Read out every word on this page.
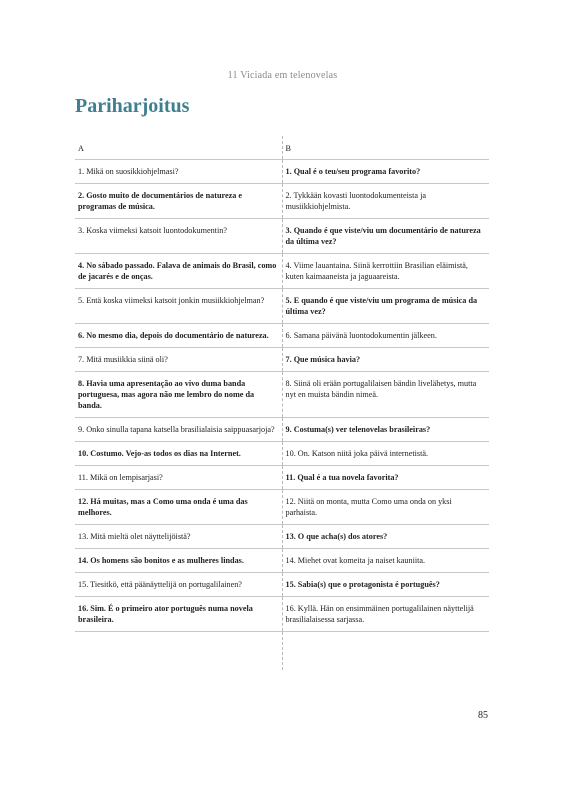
11 Viciada em telenovelas
Pariharjoitus
A	B
1. Mikä on suosikkiohjelmasi?	1. Qual é o teu/seu programa favorito?
2. Gosto muito de documentários de natureza e programas de música.	2. Tykkään kovasti luontodokumenteista ja musiikkiohjelmista.
3. Koska viimeksi katsoit luontodokumentin?	3. Quando é que viste/viu um documentário de natureza da última vez?
4. No sábado passado. Falava de animais do Brasil, como de jacarés e de onças.	4. Viime lauantaina. Siinä kerrottiin Brasilian eläimistä, kuten kaimaaneista ja jaguaareista.
5. Entä koska viimeksi katsoit jonkin musiikkiohjelman?	5. E quando é que viste/viu um programa de música da última vez?
6. No mesmo dia, depois do documentário de natureza.	6. Samana päivänä luontodokumentin jälkeen.
7. Mitä musiikkia siinä oli?	7. Que música havia?
8. Havia uma apresentação ao vivo duma banda portuguesa, mas agora não me lembro do nome da banda.	8. Siinä oli erään portugalilaisen bändin livelähetys, mutta nyt en muista bändin nimeä.
9. Onko sinulla tapana katsella brasilialaisia saippuasarjoja?	9. Costuma(s) ver telenovelas brasileiras?
10. Costumo. Vejo-as todos os dias na Internet.	10. On. Katson niitä joka päivä internetistä.
11. Mikä on lempisarjasi?	11. Qual é a tua novela favorita?
12. Há muitas, mas a Como uma onda é uma das melhores.	12. Niitä on monta, mutta Como uma onda on yksi parhaista.
13. Mitä mieltä olet näyttelijöistä?	13. O que acha(s) dos atores?
14. Os homens são bonitos e as mulheres lindas.	14. Miehet ovat komeita ja naiset kauniita.
15. Tiesitkö, että päänäyttelijä on portugalilainen?	15. Sabia(s) que o protagonista é português?
16. Sim. É o primeiro ator português numa novela brasileira.	16. Kyllä. Hän on ensimmäinen portugalilainen näyttelijä brasilialaisessa sarjassa.

85
